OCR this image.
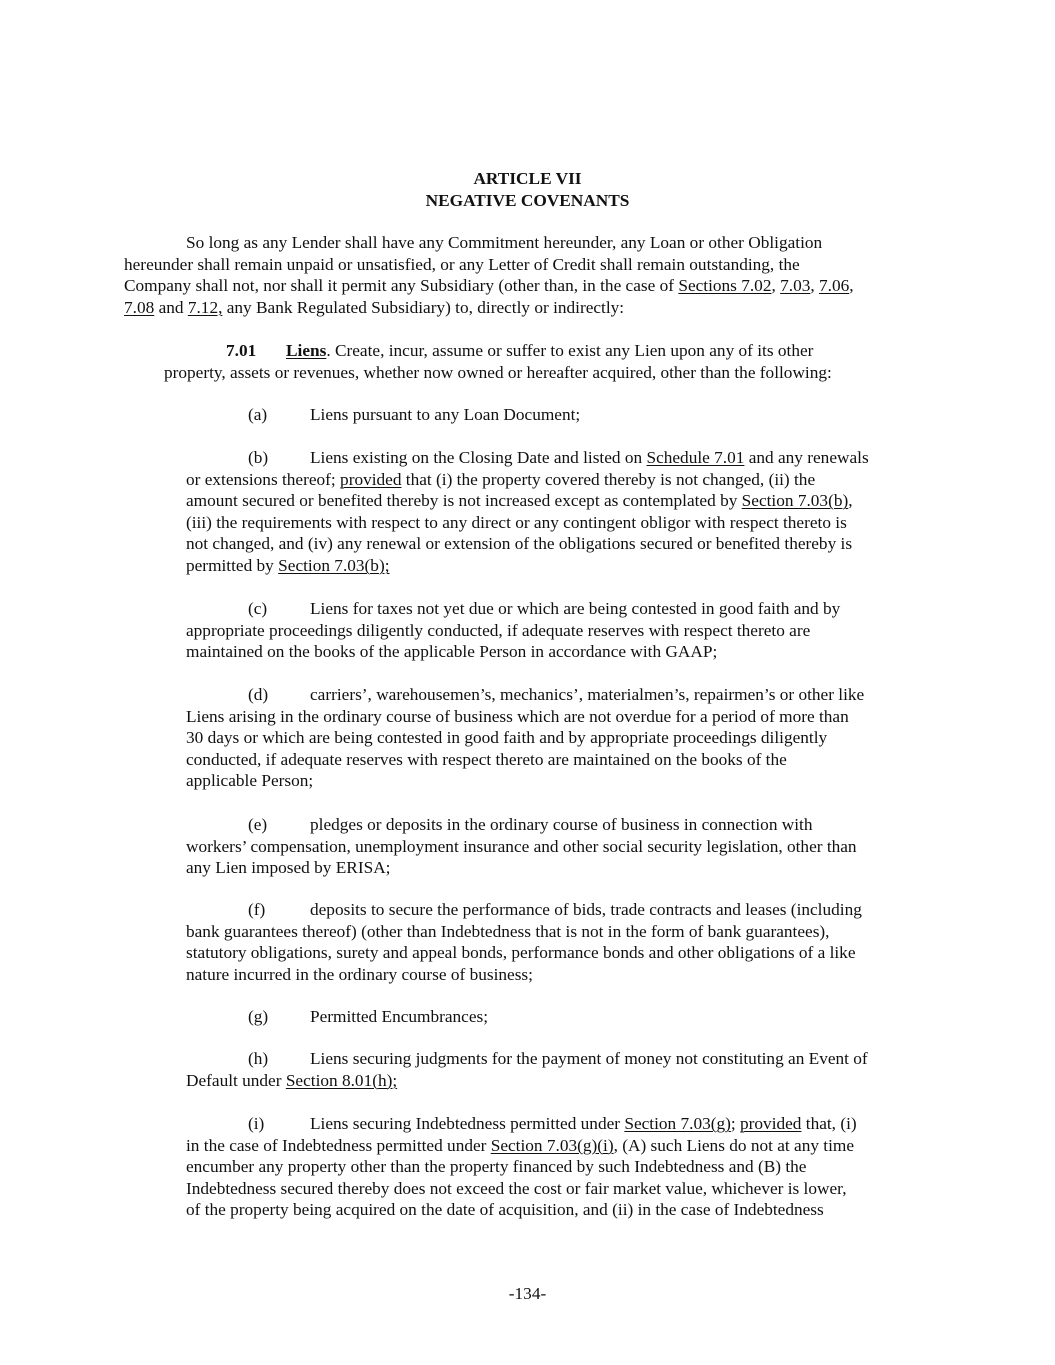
ARTICLE VII

NEGATIVE COVENANTS

So long as any Lender shall have any Commitment hereunder, any Loan or other Obligation
hereunder shall remain unpaid or unsatisfied, or any Letter of Credit shall remain outstanding, the
Company shall not, nor shall it permit any Subsidiary (other than, in the case of Sections 7.02, 7.03, 7.06,
7.08 and 7.12, any Bank Regulated Subsidiary) to, directly or indirectly:
7.01 Liens. Create, incur, assume or suffer to exist any Lien upon any of its other
property, assets or revenues, whether now owned or hereafter acquired, other than the following:
(a) Liens pursuant to any Loan Document;
(b) Liens existing on the Closing Date and listed on Schedule 7.01 and any renewals
or extensions thereof; provided that (i) the property covered thereby is not changed, (ii) the
amount secured or benefited thereby is not increased except as contemplated by Section 7.03(b),
(iii) the requirements with respect to any direct or any contingent obligor with respect thereto is
not changed, and (iv) any renewal or extension of the obligations secured or benefited thereby is
permitted by Section 7.03(b);
(c) Liens for taxes not yet due or which are being contested in good faith and by
appropriate proceedings diligently conducted, if adequate reserves with respect thereto are
maintained on the books of the applicable Person in accordance with GAAP;
(d) carriers’, warehousemen’s, mechanics’, materialmen’s, repairmen’s or other like
Liens arising in the ordinary course of business which are not overdue for a period of more than
30 days or which are being contested in good faith and by appropriate proceedings diligently
conducted, if adequate reserves with respect thereto are maintained on the books of the
applicable Person;
(e) pledges or deposits in the ordinary course of business in connection with
workers’ compensation, unemployment insurance and other social security legislation, other than
any Lien imposed by ERISA;
(f)	deposits to secure the performance of bids, trade contracts and leases (including
bank guarantees thereof) (other than Indebtedness that is not in the form of bank guarantees),
statutory obligations, surety and appeal bonds, performance bonds and other obligations of a like
nature incurred in the ordinary course of business;
(g) Permitted Encumbrances;
(h) Liens securing judgments for the payment of money not constituting an Event of
Default under Section 8.01(h);
(i)	Liens securing Indebtedness permitted under Section 7.03(g); provided that, (i)
in the case of Indebtedness permitted under Section 7.03(g)(i), (A) such Liens do not at any time
encumber any property other than the property financed by such Indebtedness and (B) the
Indebtedness secured thereby does not exceed the cost or fair market value, whichever is lower,
of the property being acquired on the date of acquisition, and (ii) in the case of Indebtedness

-134-
